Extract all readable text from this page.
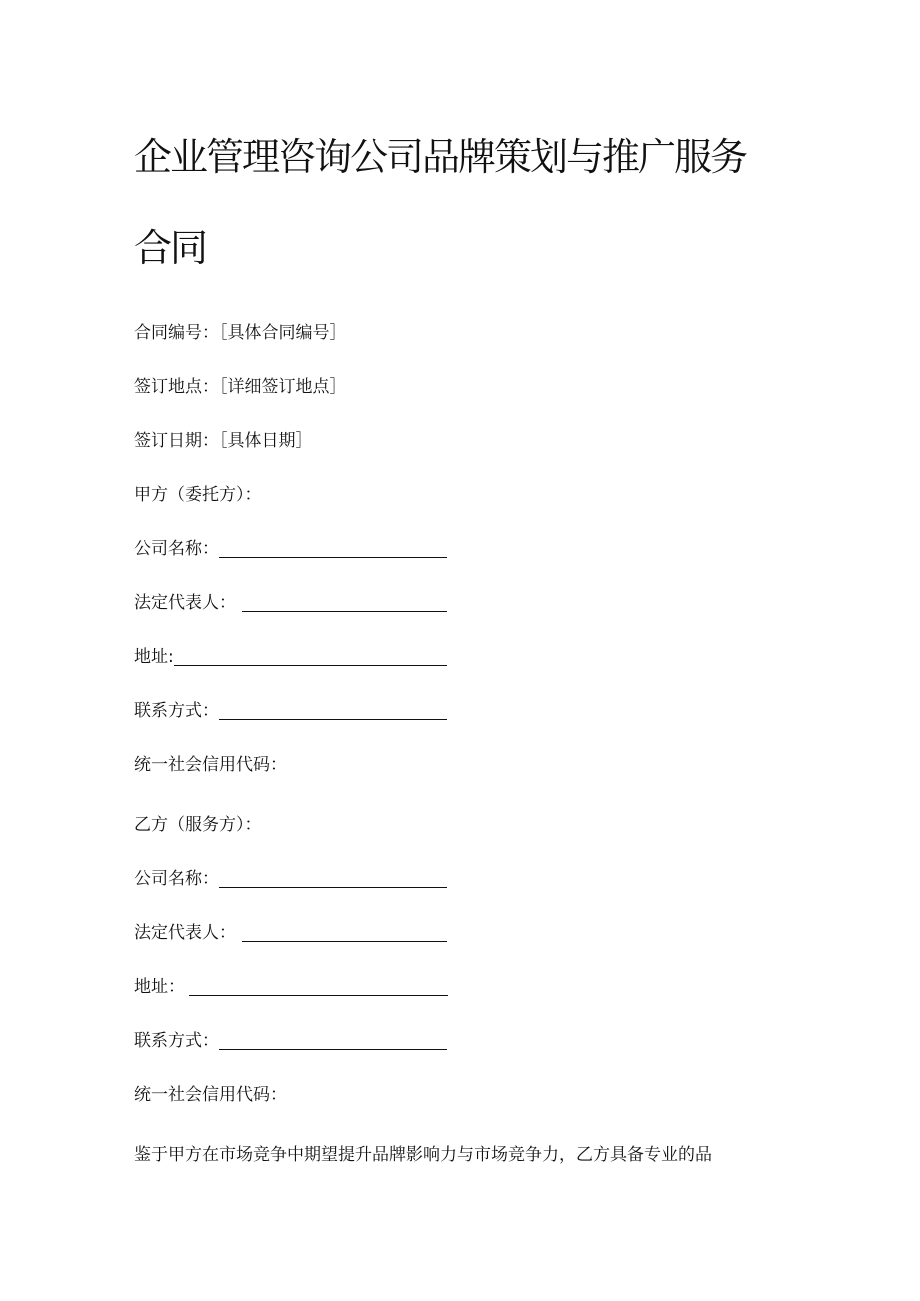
企业管理咨询公司品牌策划与推广服务
合同
合同编号：［具体合同编号］
签订地点：［详细签订地点］
签订日期：［具体日期］
甲方（委托方）：
公司名称：
法定代表人：
地址:
联系方式：
统一社会信用代码：
乙方（服务方）：
公司名称：
法定代表人：
地址：
联系方式：
统一社会信用代码：
鉴于甲方在市场竞争中期望提升品牌影响力与市场竞争力，乙方具备专业的品
